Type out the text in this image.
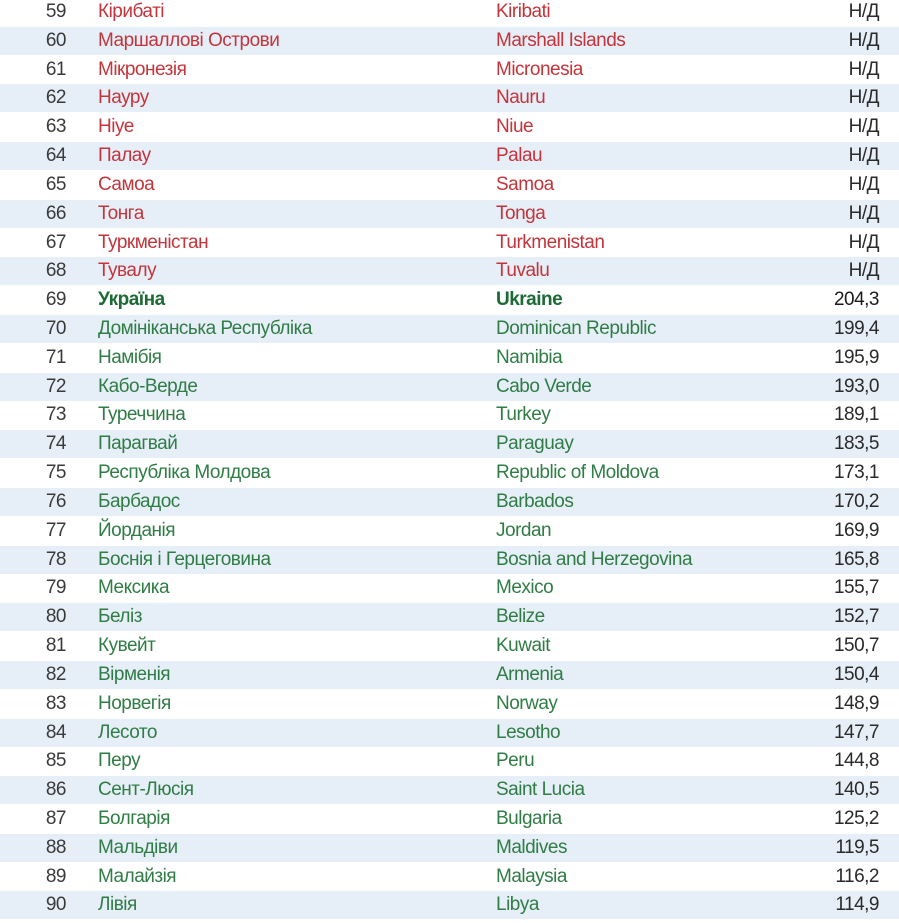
59 Кірибаті	Kiribati	Н/Д
60 Маршаллові Острови	Marshall Islands	Н/Д
61 Мікронезія	Micronesia	Н/Д
62 Науру	Nauru	Н/Д
63 Ніуе	Niue	Н/Д
64 Палау	Palau	Н/Д
65 Самоа	Samoa	Н/Д
66 Тонга	Tonga	Н/Д
67 Туркменістан	Turkmenistan	Н/Д
68 Тувалу	Tuvalu	Н/Д
69 Україна	Ukraine	204,3
70 Домініканська Республіка	Dominican Republic	199,4
71 Намібія	Namibia	195,9
72 Кабо-Верде	Cabo Verde	193,0
73 Туреччина	Turkey	189,1
74 Парагвай	Paraguay	183,5
75 Республіка Молдова	Republic of Moldova	173,1
76 Барбадос	Barbados	170,2
77 Йорданія	Jordan	169,9
78 Боснія і Герцеговина	Bosnia and Herzegovina	165,8
79 Мексика	Mexico	155,7
80 Беліз	Belize	152,7
81 Кувейт	Kuwait	150,7
82 Вірменія	Armenia	150,4
83 Норвегія	Norway	148,9
84 Лесото	Lesotho	147,7
85 Перу	Peru	144,8
86 Сент-Люсія	Saint Lucia	140,5
87 Болгарія	Bulgaria	125,2
88 Мальдіви	Maldives	119,5
89 Малайзія	Malaysia	116,2
90 Лівія	Libya	114,9
